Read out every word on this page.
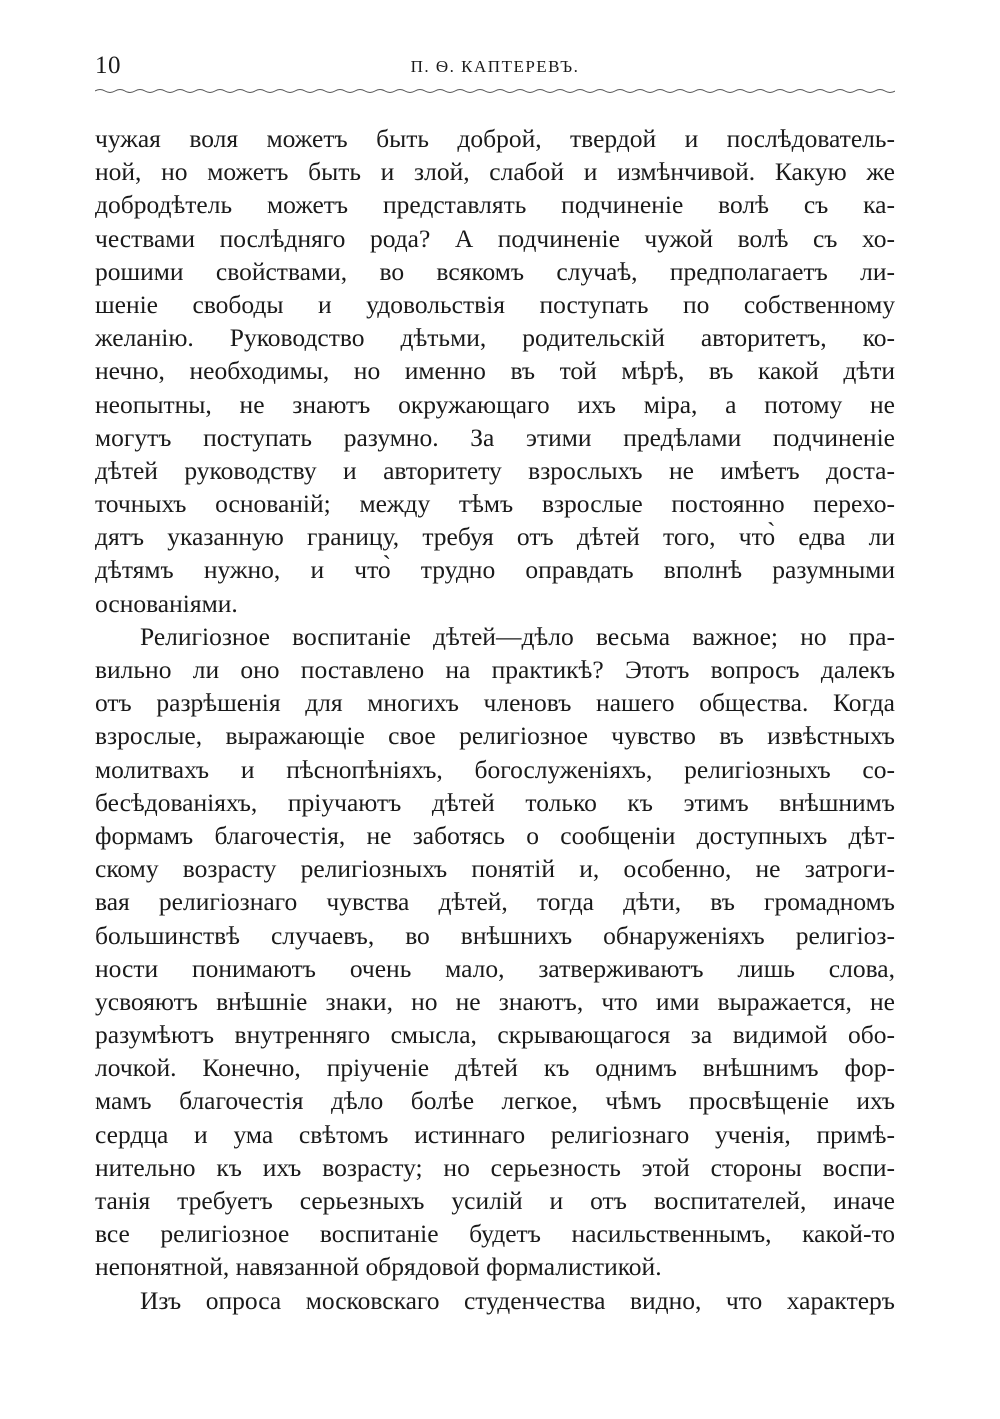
10	П. Ѳ. КАПТЕРЕВЪ.
чужая воля можетъ быть доброй, твердой и послѣдователь-
ной, но можетъ быть и злой, слабой и измѣнчивой. Какую же
добродѣтель можетъ представлять подчиненіе волѣ съ ка-
чествами послѣдняго рода? А подчиненіе чужой волѣ съ хо-
рошими свойствами, во всякомъ случаѣ, предполагаетъ ли-
шеніе свободы и удовольствія поступать по собственному
желанію. Руководство дѣтьми, родительскій авторитетъ, ко-
нечно, необходимы, но именно въ той мѣрѣ, въ какой дѣти
неопытны, не знаютъ окружающаго ихъ міра, а потому не
могутъ поступать разумно. За этими предѣлами подчиненіе
дѣтей руководству и авторитету взрослыхъ не имѣетъ доста-
точныхъ основаній; между тѣмъ взрослые постоянно перехо-
дятъ указанную границу, требуя отъ дѣтей того, что̀ едва ли
дѣтямъ нужно, и что̀ трудно оправдать вполнѣ разумными
основаніями.
Религіозное воспитаніе дѣтей—дѣло весьма важное; но пра-
вильно ли оно поставлено на практикѣ? Этотъ вопросъ далекъ
отъ разрѣшенія для многихъ членовъ нашего общества. Когда
взрослые, выражающіе свое религіозное чувство въ извѣстныхъ
молитвахъ и пѣснопѣніяхъ, богослуженіяхъ, религіозныхъ со-
бесѣдованіяхъ, пріучаютъ дѣтей только къ этимъ внѣшнимъ
формамъ благочестія, не заботясь о сообщеніи доступныхъ дѣт-
скому возрасту религіозныхъ понятій и, особенно, не затроги-
вая религіознаго чувства дѣтей, тогда дѣти, въ громадномъ
большинствѣ случаевъ, во внѣшнихъ обнаруженіяхъ религіоз-
ности понимаютъ очень мало, затверживаютъ лишь слова,
усвояютъ внѣшніе знаки, но не знаютъ, что ими выражается, не
разумѣютъ внутренняго смысла, скрывающагося за видимой обо-
лочкой. Конечно, пріученіе дѣтей къ однимъ внѣшнимъ фор-
мамъ благочестія дѣло болѣе легкое, чѣмъ просвѣщеніе ихъ
сердца и ума свѣтомъ истиннаго религіознаго ученія, примѣ-
нительно къ ихъ возрасту; но серьезность этой стороны воспи-
танія требуетъ серьезныхъ усилій и отъ воспитателей, иначе
все религіозное воспитаніе будетъ насильственнымъ, какой-то
непонятной, навязанной обрядовой формалистикой.
Изъ опроса московскаго студенчества видно, что характеръ
